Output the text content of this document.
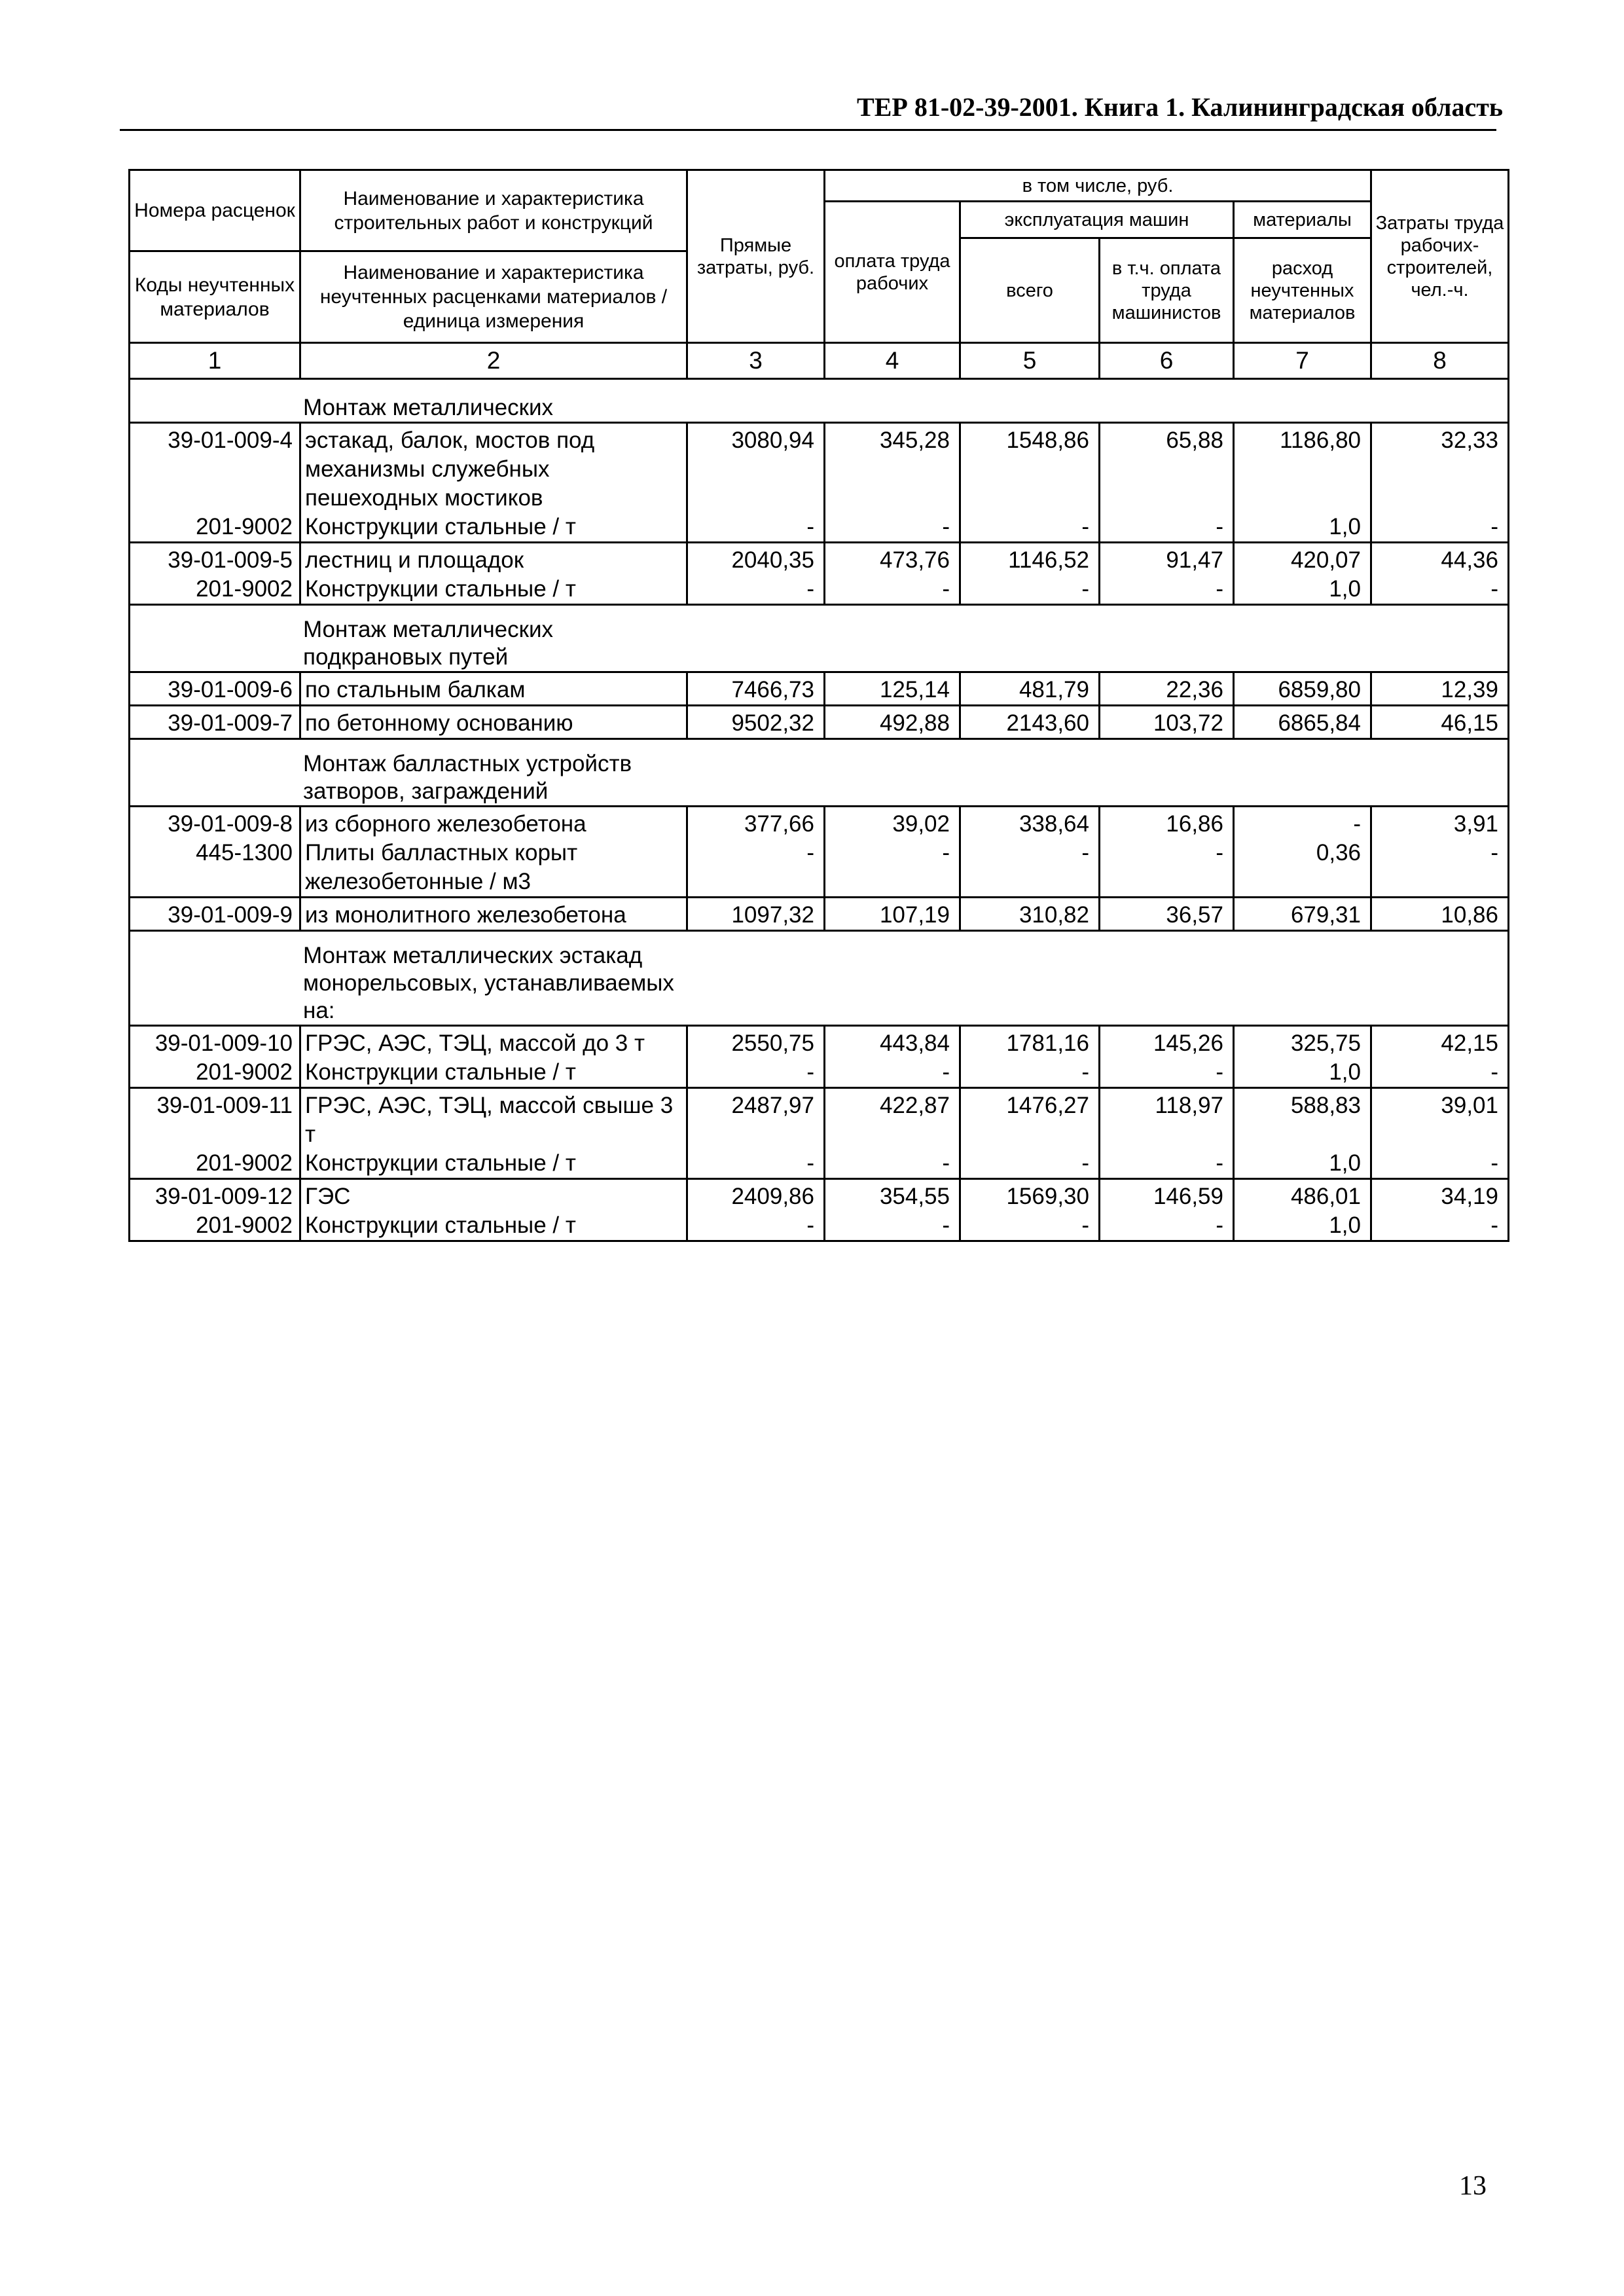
ТЕР 81-02-39-2001. Книга 1. Калининградская область
Номера расценок	Наименование и характеристика строительных работ и конструкций	Прямые затраты, руб.	в том числе, руб.				Затраты труда рабочих-строителей, чел.-ч.
			оплата труда рабочих	эксплуатация машин		материалы	
				всего	в т.ч. оплата труда машинистов	расход неучтенных материалов	
Коды неучтенных материалов	Наименование и характеристика неучтенных расценками материалов / единица измерения						

1	2	3	4	5	6	7	8
Монтаж металлических							
39-01-009-4	эстакад, балок, мостов под механизмы служебных пешеходных мостиков	3080,94	345,28	1548,86	65,88	1186,80	32,33
201-9002	Конструкции стальные / т	-	-	-	-	1,0	-
39-01-009-5	лестниц и площадок	2040,35	473,76	1146,52	91,47	420,07	44,36
201-9002	Конструкции стальные / т	-	-	-	-	1,0	-

Монтаж металлических подкрановых путей							

39-01-009-6	по стальным балкам	7466,73	125,14	481,79	22,36	6859,80	12,39
39-01-009-7	по бетонному основанию	9502,32	492,88	2143,60	103,72	6865,84	46,15

Монтаж балластных устройств затворов, заграждений							

39-01-009-8	из сборного железобетона	377,66	39,02	338,64	16,86	-	3,91
445-1300	Плиты балластных корыт железобетонные / м3	-	-	-	-	0,36	-
39-01-009-9	из монолитного железобетона	1097,32	107,19	310,82	36,57	679,31	10,86

Монтаж металлических эстакад монорельсовых, устанавливаемых на:							

39-01-009-10	ГРЭС, АЭС, ТЭЦ, массой до 3 т	2550,75	443,84	1781,16	145,26	325,75	42,15
201-9002	Конструкции стальные / т	-	-	-	-	1,0	-
39-01-009-11	ГРЭС, АЭС, ТЭЦ, массой свыше 3 т	2487,97	422,87	1476,27	118,97	588,83	39,01
201-9002	Конструкции стальные / т	-	-	-	-	1,0	-
39-01-009-12	ГЭС	2409,86	354,55	1569,30	146,59	486,01	34,19
201-9002	Конструкции стальные / т	-	-	-	-	1,0	-
13
